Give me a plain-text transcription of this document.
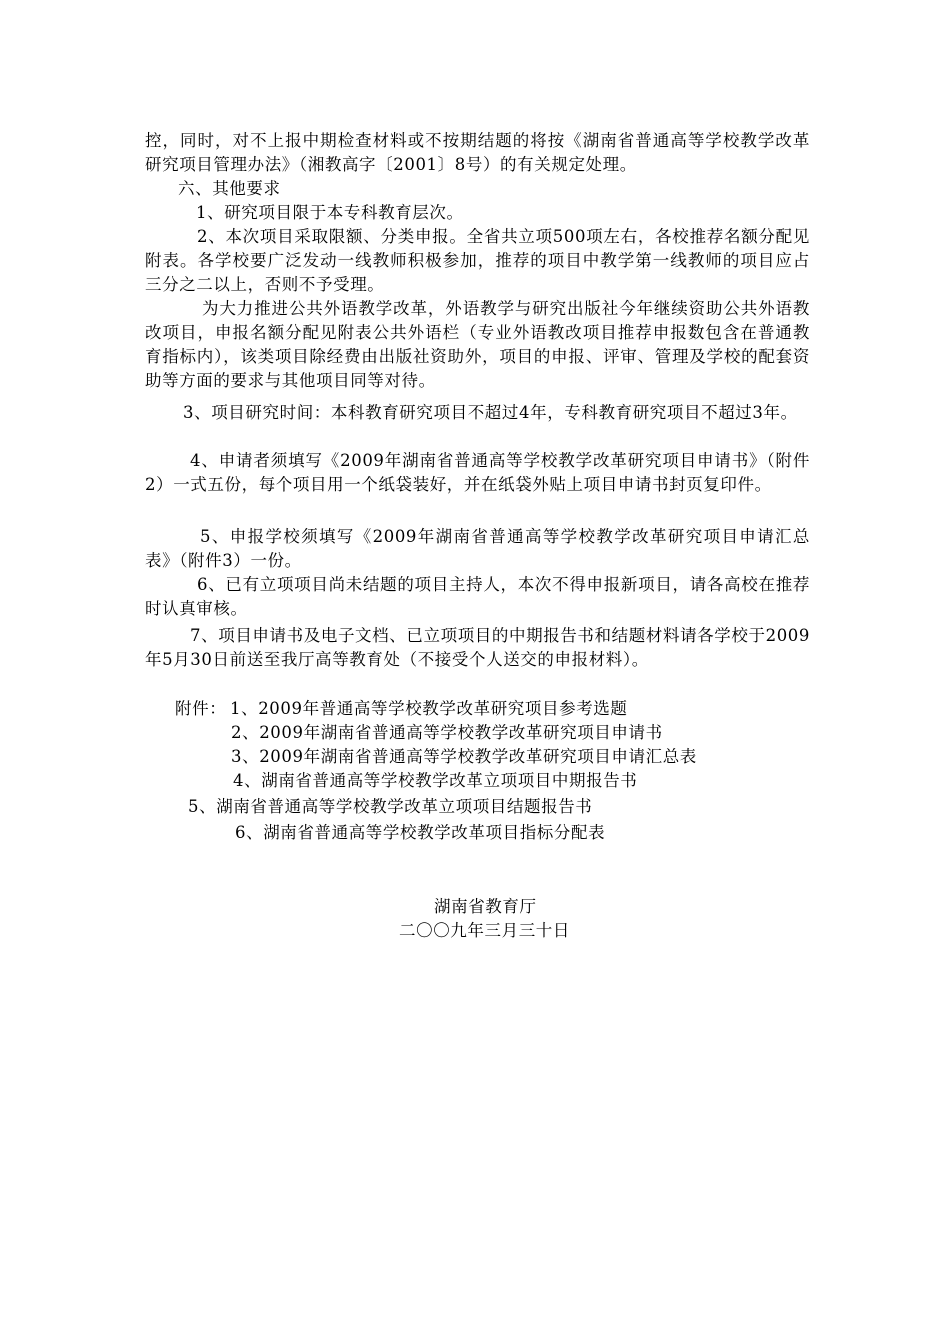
控，同时，对不上报中期检查材料或不按期结题的将按《湖南省普通高等学校教学改革研究项目管理办法》（湘教高字〔2001〕8号）的有关规定处理。
六、其他要求
1、研究项目限于本专科教育层次。
2、本次项目采取限额、分类申报。全省共立项500项左右，各校推荐名额分配见附表。各学校要广泛发动一线教师积极参加，推荐的项目中教学第一线教师的项目应占三分之二以上，否则不予受理。
为大力推进公共外语教学改革，外语教学与研究出版社今年继续资助公共外语教改项目，申报名额分配见附表公共外语栏（专业外语教改项目推荐申报数包含在普通教育指标内），该类项目除经费由出版社资助外，项目的申报、评审、管理及学校的配套资助等方面的要求与其他项目同等对待。
3、项目研究时间：本科教育研究项目不超过4年，专科教育研究项目不超过3年。
4、申请者须填写《2009年湖南省普通高等学校教学改革研究项目申请书》（附件2）一式五份，每个项目用一个纸袋装好，并在纸袋外贴上项目申请书封页复印件。
5、申报学校须填写《2009年湖南省普通高等学校教学改革研究项目申请汇总表》（附件3）一份。
6、已有立项项目尚未结题的项目主持人，本次不得申报新项目，请各高校在推荐时认真审核。
7、项目申请书及电子文档、已立项项目的中期报告书和结题材料请各学校于2009年5月30日前送至我厅高等教育处（不接受个人送交的申报材料）。
附件： 1、2009年普通高等学校教学改革研究项目参考选题
2、2009年湖南省普通高等学校教学改革研究项目申请书
3、2009年湖南省普通高等学校教学改革研究项目申请汇总表
4、湖南省普通高等学校教学改革立项项目中期报告书
5、湖南省普通高等学校教学改革立项项目结题报告书
6、湖南省普通高等学校教学改革项目指标分配表
湖南省教育厅
二〇〇九年三月三十日
